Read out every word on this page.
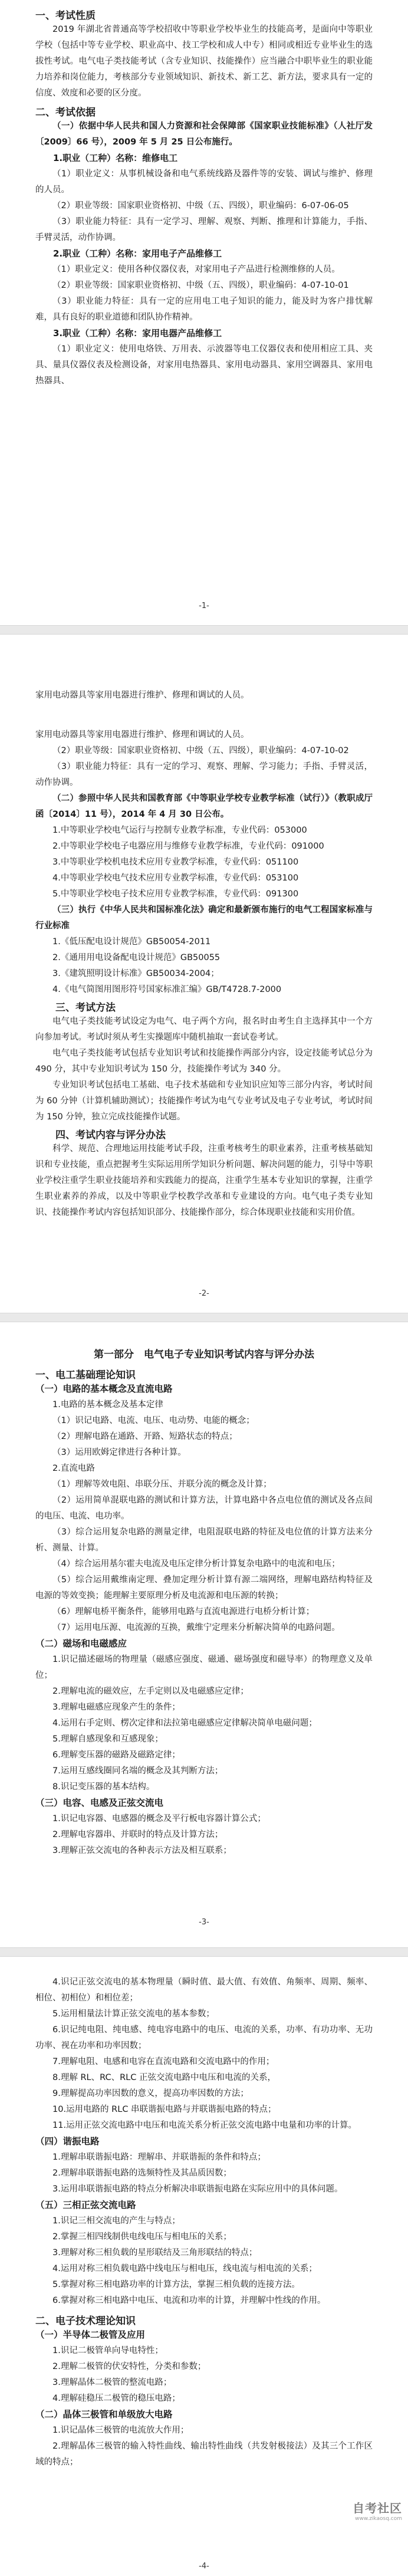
一、考试性质

2019 年湖北省普通高等学校招收中等职业学校毕业生的技能高考，是面向中等职业学校（包括中等专业学校、职业高中、技工学校和成人中专）相同或相近专业毕业生的选拔性考试。电气电子类技能考试（含专业知识、技能操作）应当融合中职毕业生的职业能力培养和岗位能力，考核部分专业领域知识、新技术、新工艺、新方法，要求具有一定的信度、效度和必要的区分度。

二、考试依据

（一）依据中华人民共和国人力资源和社会保障部《国家职业技能标准》（人社厅发〔2009〕66 号），2009 年 5 月 25 日公布施行。

1.职业（工种）名称：维修电工

（1）职业定义：从事机械设备和电气系统线路及器件等的安装、调试与维护、修理的人员。

（2）职业等级：国家职业资格初、中级（五、四级），职业编码：6-07-06-05

（3）职业能力特征：具有一定学习、理解、观察、判断、推理和计算能力，手指、手臂灵活，动作协调。

2.职业（工种）名称：家用电子产品维修工

（1）职业定义：使用各种仪器仪表，对家用电子产品进行检测维修的人员。

（2）职业等级：国家职业资格初、中级（五、四级），职业编码：4-07-10-01

（3）职业能力特征：具有一定的应用电工电子知识的能力，能及时为客户排忧解难，具有良好的职业道德和团队协作精神。

3.职业（工种）名称：家用电器产品维修工

（1）职业定义：使用电烙铁、万用表、示波器等电工仪器仪表和使用相应工具、夹具、量具仪器仪表及检测设备，对家用电热器具、家用电动器具、家用空调器具、家用电热器具、

-1-

家用电动器具等家用电器进行维护、修理和调试的人员。

家用电动器具等家用电器进行维护、修理和调试的人员。

（2）职业等级：国家职业资格初、中级（五、四级），职业编码：4-07-10-02

（3）职业能力特征：具有一定的学习、观察、理解、学习能力；手指、手臂灵活，动作协调。

（二）参照中华人民共和国教育部《中等职业学校专业教学标准（试行）》（教职成厅函〔2014〕11 号），2014 年 4 月 30 日公布。

1.中等职业学校电气运行与控制专业教学标准，专业代码：053000

2.中等职业学校电子电器应用与维修专业教学标准，专业代码：091000

3.中等职业学校机电技术应用专业教学标准，专业代码：051100

4.中等职业学校电气技术应用专业教学标准，专业代码：053100

5.中等职业学校电子技术应用专业教学标准，专业代码：091300

（三）执行《中华人民共和国标准化法》确定和最新颁布施行的电气工程国家标准与行业标准

1.《低压配电设计规范》GB50054-2011

2.《通用用电设备配电设计规范》GB50055

3.《建筑照明设计标准》GB50034-2004；

4.《电气简图用图形符号国家标准汇编》GB/T4728.7-2000

三、考试方法

电气电子类技能考试设定为电气、电子两个方向，报名时由考生自主选择其中一个方向参加考试。考试时须从考生实操题库中随机抽取一套试卷考试。

电气电子类技能考试包括专业知识考试和技能操作两部分内容，设定技能考试总分为 490 分，其中专业知识考试为 150 分，技能操作考试为 340 分。

专业知识考试包括电工基础、电子技术基础和专业知识应知等三部分内容，考试时间为 60 分钟（计算机辅助测试）；技能操作考试为电气专业考试及电子专业考试，考试时间为 150 分钟，独立完成技能操作试题。

四、考试内容与评分办法

科学、规范、合理地运用技能考试手段，注重考核考生的职业素养，注重考核基础知识和专业技能，重点把握考生实际运用所学知识分析问题、解决问题的能力，引导中等职业学校注重学生职业技能培养和实践能力的提高，注重学生基本专业知识的掌握，注重学生职业素养的养成，以及中等职业学校教学改革和专业建设的方向。电气电子类专业知识、技能操作考试内容包括知识部分、技能操作部分，综合体现职业技能和实用价值。

-2-

第一部分　电气电子专业知识考试内容与评分办法

一、电工基础理论知识

（一）电路的基本概念及直流电路

1.电路的基本概念及基本定律

（1）识记电路、电流、电压、电动势、电能的概念；

（2）理解电路在通路、开路、短路状态的特点；

（3）运用欧姆定律进行各种计算。

2.直流电路

（1）理解等效电阻、串联分压、并联分流的概念及计算；

（2）运用简单混联电路的测试和计算方法，计算电路中各点电位值的测试及各点间的电压、电流、电功率。

（3）综合运用复杂电路的测量定律，电阻混联电路的特征及电位值的计算方法来分析、测量、计算。

（4）综合运用基尔霍夫电流及电压定律分析计算复杂电路中的电流和电压；

（5）综合运用戴维南定理、叠加定理分析计算有源二端网络，理解电路结构特征及电源的等效变换；能理解主要原理分析及电流源和电压源的转换；

（6）理解电桥平衡条件，能够用电路与直流电源进行电桥分析计算；

（7）运用电压源、电流源的互换，戴维宁定理来分析解决简单的电路问题。

（二）磁场和电磁感应

1.识记描述磁场的物理量（磁感应强度、磁通、磁场强度和磁导率）的物理意义及单位；

2.理解电流的磁效应，左手定则以及电磁感应定律；

3.理解电磁感应现象产生的条件；

4.运用右手定则、楞次定律和法拉第电磁感应定律解决简单电磁问题；

5.理解自感现象和互感现象；

6.理解变压器的磁路及磁路定律；

7.运用互感线圈同名端的概念及其判断方法；

8.识记变压器的基本结构。

（三）电容、电感及正弦交流电

1.识记电容器、电感器的概念及平行板电容器计算公式；

2.理解电容器串、并联时的特点及计算方法；

3.理解正弦交流电的各种表示方法及相互联系；

-3-

4.识记正弦交流电的基本物理量（瞬时值、最大值、有效值、角频率、周期、频率、相位、初相位）和相位差；

5.运用相量法计算正弦交流电的基本参数；

6.识记纯电阻、纯电感、纯电容电路中的电压、电流的关系，功率、有功功率、无功功率、视在功率和功率因数；

7.理解电阻、电感和电容在直流电路和交流电路中的作用；

8.理解 RL、RC、RLC 正弦交流电路中电压和电流的关系，

9.理解提高功率因数的意义，提高功率因数的方法；

10.运用电路的 RLC 串联谐振电路与并联谐振电路的特点；

11.运用正弦交流电路中电压和电流关系分析正弦交流电路中电量和功率的计算。

（四）谐振电路

1.理解串联谐振电路：理解串、并联谐振的条件和特点；

2.理解串联谐振电路的选频特性及其品质因数；

3.运用串联谐振电路的特点分析解决串联谐振电路在实际应用中的具体问题。

（五）三相正弦交流电路

1.识记三相交流电的产生与特点；

2.掌握三相四线制供电线电压与相电压的关系；

3.理解对称三相负载的星形联结及三角形联结的特点；

4.运用对称三相负载电路中线电压与相电压，线电流与相电流的关系；

5.掌握对称三相电路功率的计算方法，掌握三相负载的连接方法。

6.掌握对称三相电路中电压、电流和功率的计算，并理解中性线的作用。

二、电子技术理论知识

（一）半导体二极管及应用

1.识记二极管单向导电特性；

2.理解二极管的伏安特性，分类和参数；

3.理解晶体二极管的整流电路；

4.理解硅稳压二极管的稳压电路；

（二）晶体三极管和单级放大电路

1.识记晶体三极管的电流放大作用；

2.理解晶体三极管的输入特性曲线、输出特性曲线（共发射极接法）及其三个工作区域的特点；

-4-
自考社区
www.zikaosq.com
